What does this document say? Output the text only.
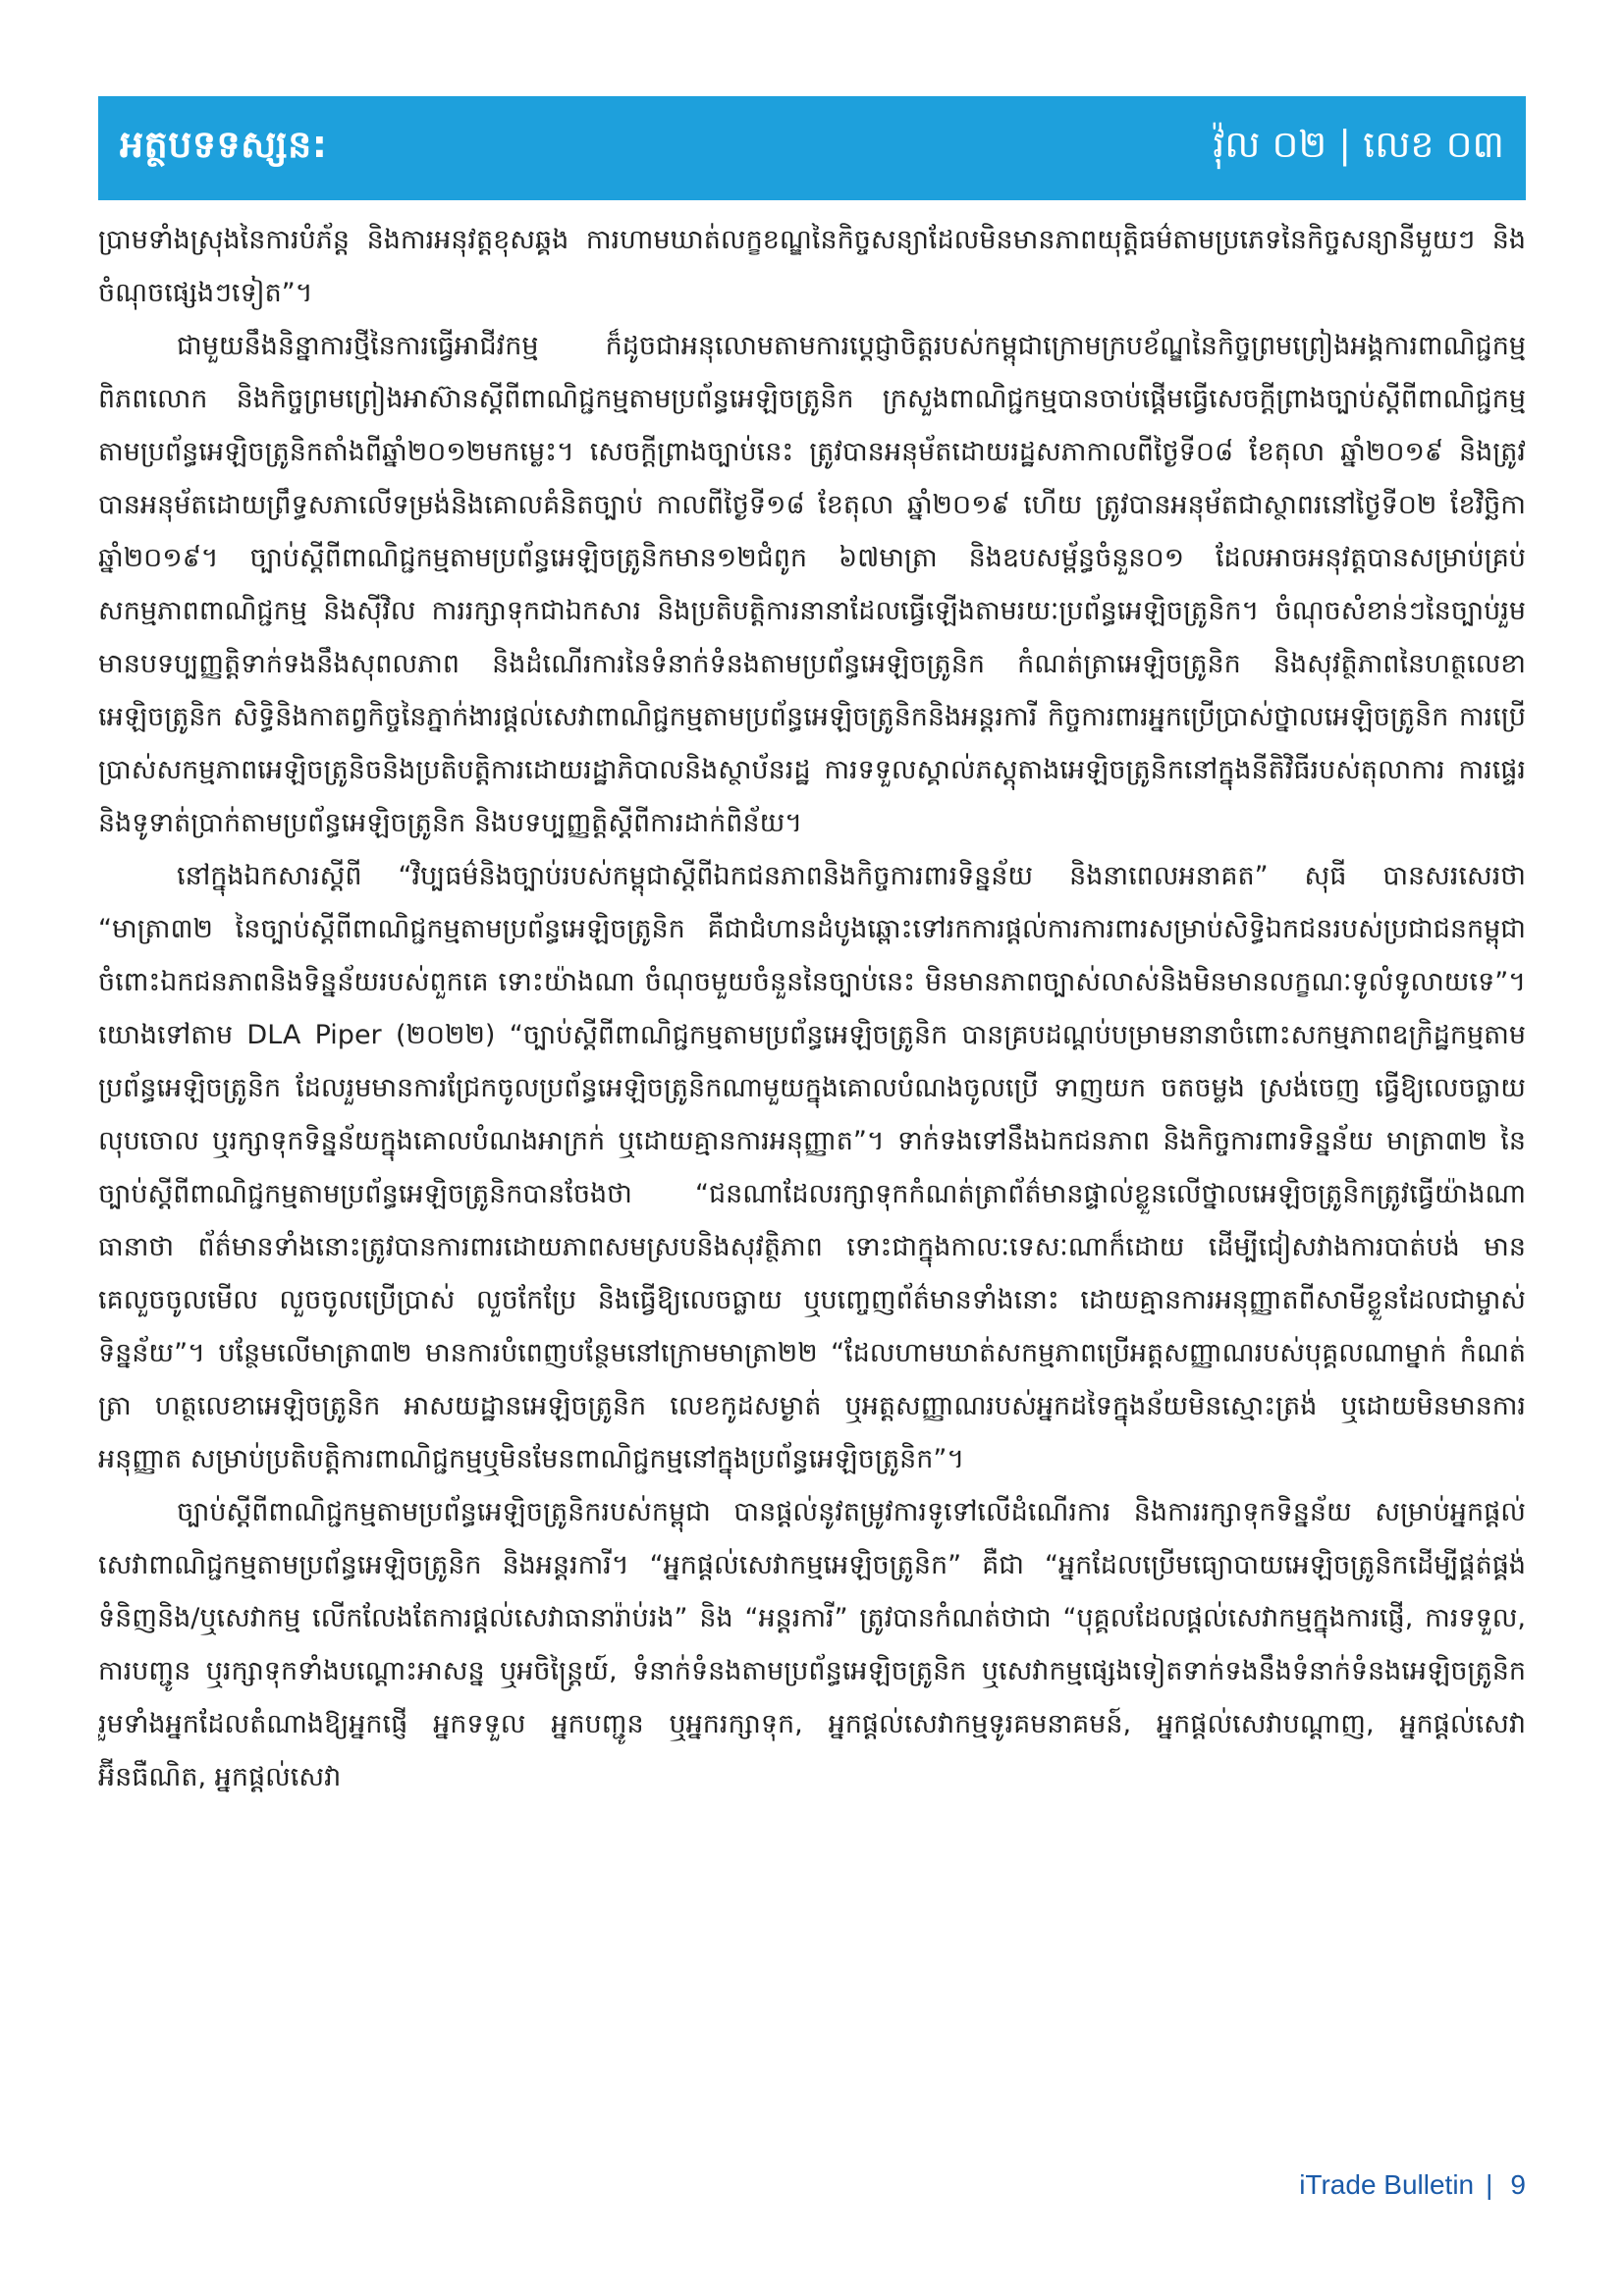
អត្ថបទទស្សន:	វ៉ុល ០២ | លេខ ០៣

ប្រាមទាំងស្រុងនៃការបំភ័ន្ត និងការអនុវត្តខុសឆ្គង ការហាមឃាត់លក្ខខណ្ឌនៃកិច្ចសន្យាដែលមិនមានភាពយុត្តិធម៌តាមប្រភេទនៃកិច្ចសន្យានីមួយៗ និងចំណុចផ្សេងៗទៀត”។

ជាមួយនឹងនិន្នាការថ្មីនៃការធ្វើអាជីវកម្ម ក៏ដូចជាអនុលោមតាមការប្តេជ្ញាចិត្តរបស់កម្ពុជាក្រោមក្របខ័ណ្ឌនៃកិច្ចព្រមព្រៀងអង្គការពាណិជ្ជកម្មពិភពលោក និងកិច្ចព្រមព្រៀងអាស៊ានស្តីពីពាណិជ្ជកម្មតាមប្រព័ន្ធអេឡិចត្រូនិក ក្រសួងពាណិជ្ជកម្មបានចាប់ផ្តើមធ្វើសេចក្តីព្រាងច្បាប់ស្តីពីពាណិជ្ជកម្មតាមប្រព័ន្ធអេឡិចត្រូនិកតាំងពីឆ្នាំ២០១២មកម្លេះ។ សេចក្តីព្រាងច្បាប់នេះ ត្រូវបានអនុម័តដោយរដ្ឋសភាកាលពីថ្ងៃទី០៨ ខែតុលា ឆ្នាំ២០១៩ និងត្រូវបានអនុម័តដោយព្រឹទ្ធសភាលើទម្រង់និងគោលគំនិតច្បាប់ កាលពីថ្ងៃទី១៨ ខែតុលា ឆ្នាំ២០១៩ ហើយ ត្រូវបានអនុម័តជាស្ថាពរនៅថ្ងៃទី០២ ខែវិច្ឆិកា ឆ្នាំ២០១៩។ ច្បាប់ស្តីពីពាណិជ្ជកម្មតាមប្រព័ន្ធអេឡិចត្រូនិកមាន១២ជំពូក ៦៧មាត្រា និងឧបសម្ព័ន្ធចំនួន០១ ដែលអាចអនុវត្តបានសម្រាប់គ្រប់សកម្មភាពពាណិជ្ជកម្ម និងស៊ីវិល ការរក្សាទុកជាឯកសារ និងប្រតិបត្តិការនានាដែលធ្វើឡើងតាមរយៈប្រព័ន្ធអេឡិចត្រូនិក។ ចំណុចសំខាន់ៗនៃច្បាប់រួមមានបទប្បញ្ញត្តិទាក់ទងនឹងសុពលភាព និងដំណើរការនៃទំនាក់ទំនងតាមប្រព័ន្ធអេឡិចត្រូនិក កំណត់ត្រាអេឡិចត្រូនិក និងសុវត្ថិភាពនៃហត្ថលេខាអេឡិចត្រូនិក សិទ្ធិនិងកាតព្វកិច្ចនៃភ្នាក់ងារផ្តល់សេវាពាណិជ្ជកម្មតាមប្រព័ន្ធអេឡិចត្រូនិកនិងអន្តរការី កិច្ចការពារអ្នកប្រើប្រាស់ថ្នាលអេឡិចត្រូនិក ការប្រើប្រាស់សកម្មភាពអេឡិចត្រូនិចនិងប្រតិបត្តិការដោយរដ្ឋាភិបាលនិងស្ថាប័នរដ្ឋ ការទទួលស្គាល់ភស្តុតាងអេឡិចត្រូនិកនៅក្នុងនីតិវិធីរបស់តុលាការ ការផ្ទេរនិងទូទាត់ប្រាក់តាមប្រព័ន្ធអេឡិចត្រូនិក និងបទប្បញ្ញត្តិស្តីពីការដាក់ពិន័យ។

នៅក្នុងឯកសារស្តីពី “វិប្បធម៌និងច្បាប់របស់កម្ពុជាស្តីពីឯកជនភាពនិងកិច្ចការពារទិន្នន័យ និងនាពេលអនាគត” សុធី បានសរសេរថា “មាត្រា៣២ នៃច្បាប់ស្តីពីពាណិជ្ជកម្មតាមប្រព័ន្ធអេឡិចត្រូនិក គឺជាជំហានដំបូងឆ្ពោះទៅរកការផ្តល់ការការពារសម្រាប់សិទ្ធិឯកជនរបស់ប្រជាជនកម្ពុជាចំពោះឯកជនភាពនិងទិន្នន័យរបស់ពួកគេ ទោះយ៉ាងណា ចំណុចមួយចំនួននៃច្បាប់នេះ មិនមានភាពច្បាស់លាស់និងមិនមានលក្ខណៈទូលំទូលាយទេ”។ យោងទៅតាម DLA Piper (២០២២) “ច្បាប់ស្តីពីពាណិជ្ជកម្មតាមប្រព័ន្ធអេឡិចត្រូនិក បានគ្របដណ្តប់បម្រាមនានាចំពោះសកម្មភាពឧក្រិដ្ឋកម្មតាមប្រព័ន្ធអេឡិចត្រូនិក ដែលរួមមានការជ្រែកចូលប្រព័ន្ធអេឡិចត្រូនិកណាមួយក្នុងគោលបំណងចូលប្រើ ទាញយក ចតចម្លង ស្រង់ចេញ ធ្វើឱ្យលេចធ្លាយ លុបចោល ឬរក្សាទុកទិន្នន័យក្នុងគោលបំណងអាក្រក់ ឬដោយគ្មានការអនុញ្ញាត”។ ទាក់ទងទៅនឹងឯកជនភាព និងកិច្ចការពារទិន្នន័យ មាត្រា៣២ នៃច្បាប់ស្តីពីពាណិជ្ជកម្មតាមប្រព័ន្ធអេឡិចត្រូនិកបានចែងថា “ជនណាដែលរក្សាទុកកំណត់ត្រាព័ត៌មានផ្ទាល់ខ្លួនលើថ្នាលអេឡិចត្រូនិកត្រូវធ្វើយ៉ាងណាធានាថា ព័ត៌មានទាំងនោះត្រូវបានការពារដោយភាពសមស្របនិងសុវត្ថិភាព ទោះជាក្នុងកាលៈទេសៈណាក៏ដោយ ដើម្បីជៀសវាងការបាត់បង់ មានគេលួចចូលមើល លួចចូលប្រើប្រាស់ លួចកែប្រែ និងធ្វើឱ្យលេចធ្លាយ ឬបញ្ចេញព័ត៌មានទាំងនោះ ដោយគ្មានការអនុញ្ញាតពីសាមីខ្លួនដែលជាម្ចាស់ទិន្នន័យ”។ បន្ថែមលើមាត្រា៣២ មានការបំពេញបន្ថែមនៅក្រោមមាត្រា២២ “ដែលហាមឃាត់សកម្មភាពប្រើអត្តសញ្ញាណរបស់បុគ្គលណាម្នាក់ កំណត់ត្រា ហត្ថលេខាអេឡិចត្រូនិក អាសយដ្ឋានអេឡិចត្រូនិក លេខកូដសម្ងាត់ ឬអត្តសញ្ញាណរបស់អ្នកដទៃក្នុងន័យមិនស្មោះត្រង់ ឬដោយមិនមានការអនុញ្ញាត សម្រាប់ប្រតិបត្តិការពាណិជ្ជកម្មឬមិនមែនពាណិជ្ជកម្មនៅក្នុងប្រព័ន្ធអេឡិចត្រូនិក”។

ច្បាប់ស្តីពីពាណិជ្ជកម្មតាមប្រព័ន្ធអេឡិចត្រូនិករបស់កម្ពុជា បានផ្តល់នូវតម្រូវការទូទៅលើដំណើរការ និងការរក្សាទុកទិន្នន័យ សម្រាប់អ្នកផ្តល់សេវាពាណិជ្ជកម្មតាមប្រព័ន្ធអេឡិចត្រូនិក និងអន្តរការី។ “អ្នកផ្តល់សេវាកម្មអេឡិចត្រូនិក” គឺជា “អ្នកដែលប្រើមធ្យោបាយអេឡិចត្រូនិកដើម្បីផ្គត់ផ្គង់ទំនិញនិង/ឬសេវាកម្ម លើកលែងតែការផ្តល់សេវាធានារ៉ាប់រង” និង “អន្តរការី” ត្រូវបានកំណត់ថាជា “បុគ្គលដែលផ្តល់សេវាកម្មក្នុងការផ្ញើ, ការទទួល, ការបញ្ជូន ឬរក្សាទុកទាំងបណ្តោះអាសន្ន ឬអចិន្ត្រៃយ៍, ទំនាក់ទំនងតាមប្រព័ន្ធអេឡិចត្រូនិក ឬសេវាកម្មផ្សេងទៀតទាក់ទងនឹងទំនាក់ទំនងអេឡិចត្រូនិក រួមទាំងអ្នកដែលតំណាងឱ្យអ្នកផ្ញើ អ្នកទទួល អ្នកបញ្ជូន ឬអ្នករក្សាទុក, អ្នកផ្តល់សេវាកម្មទូរគមនាគមន៍, អ្នកផ្តល់សេវាបណ្តាញ, អ្នកផ្តល់សេវាអ៊ីនធឺណិត, អ្នកផ្តល់សេវា

iTrade Bulletin | 9
